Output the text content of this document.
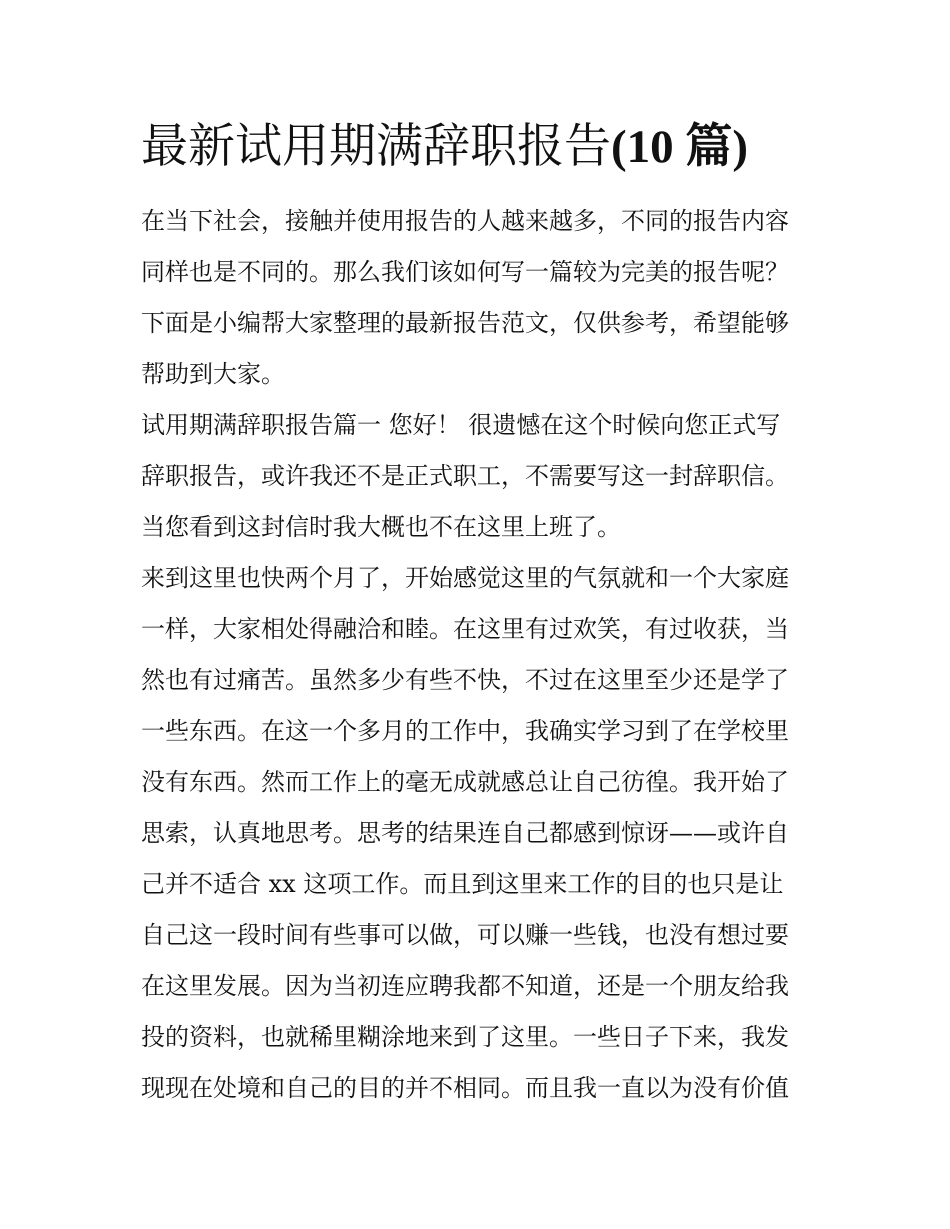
最新试用期满辞职报告(10 篇)
在当下社会，接触并使用报告的人越来越多，不同的报告内容
同样也是不同的。那么我们该如何写一篇较为完美的报告呢？
下面是小编帮大家整理的最新报告范文，仅供参考，希望能够
帮助到大家。
试用期满辞职报告篇一 您好！ 很遗憾在这个时候向您正式写
辞职报告，或许我还不是正式职工，不需要写这一封辞职信。
当您看到这封信时我大概也不在这里上班了。
来到这里也快两个月了，开始感觉这里的气氛就和一个大家庭
一样，大家相处得融洽和睦。在这里有过欢笑，有过收获，当
然也有过痛苦。虽然多少有些不快，不过在这里至少还是学了
一些东西。在这一个多月的工作中，我确实学习到了在学校里
没有东西。然而工作上的毫无成就感总让自己彷徨。我开始了
思索，认真地思考。思考的结果连自己都感到惊讶——或许自
己并不适合 xx 这项工作。而且到这里来工作的目的也只是让
自己这一段时间有些事可以做，可以赚一些钱，也没有想过要
在这里发展。因为当初连应聘我都不知道，还是一个朋友给我
投的资料，也就稀里糊涂地来到了这里。一些日子下来，我发
现现在处境和自己的目的并不相同。而且我一直以为没有价值
